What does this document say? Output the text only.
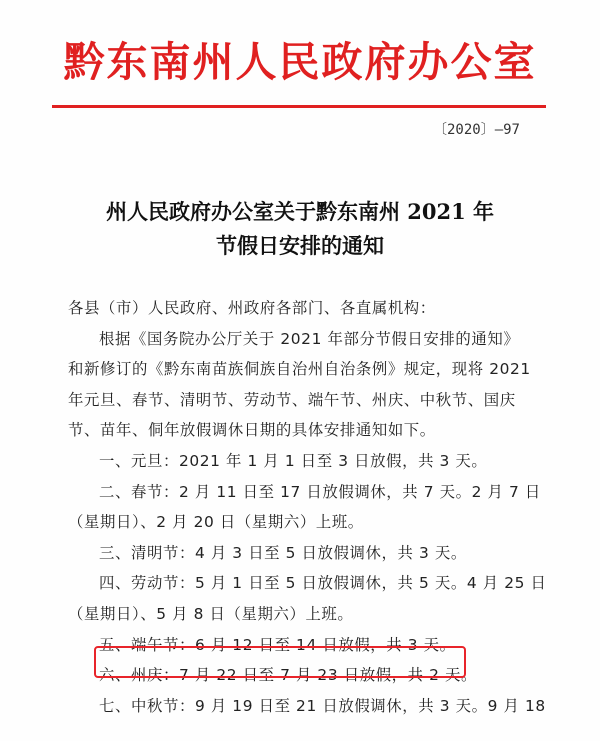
黔东南州人民政府办公室
〔2020〕—97
州人民政府办公室关于黔东南州 2021 年
节假日安排的通知

各县（市）人民政府、州政府各部门、各直属机构：

根据《国务院办公厅关于 2021 年部分节假日安排的通知》

和新修订的《黔东南苗族侗族自治州自治条例》规定，现将 2021

年元旦、春节、清明节、劳动节、端午节、州庆、中秋节、国庆

节、苗年、侗年放假调休日期的具体安排通知如下。

一、元旦：2021 年 1 月 1 日至 3 日放假，共 3 天。

二、春节：2 月 11 日至 17 日放假调休，共 7 天。2 月 7 日

（星期日）、2 月 20 日（星期六）上班。

三、清明节：4 月 3 日至 5 日放假调休，共 3 天。

四、劳动节：5 月 1 日至 5 日放假调休，共 5 天。4 月 25 日

（星期日）、5 月 8 日（星期六）上班。

五、端午节：6 月 12 日至 14 日放假，共 3 天。

六、州庆：7 月 22 日至 7 月 23 日放假，共 2 天。

七、中秋节：9 月 19 日至 21 日放假调休，共 3 天。9 月 18
